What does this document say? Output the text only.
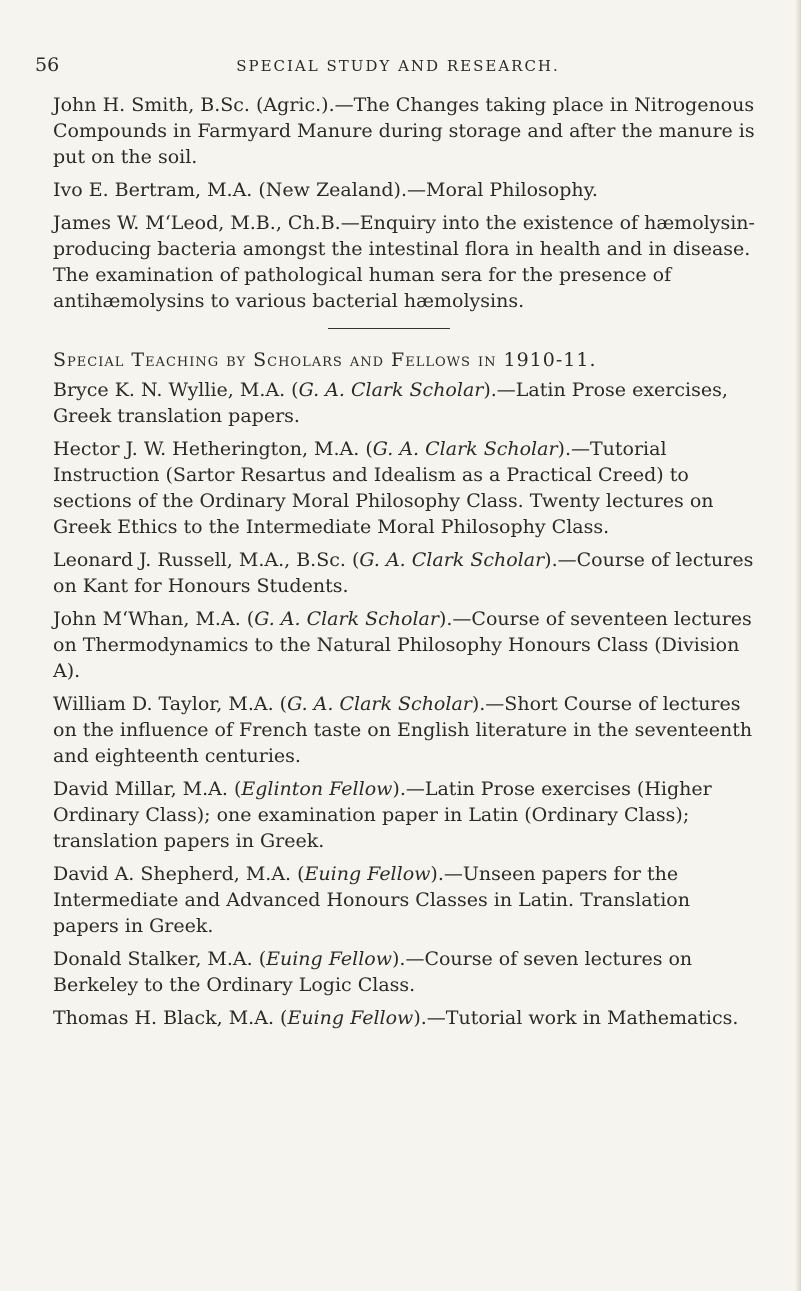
56	SPECIAL STUDY AND RESEARCH.

John H. Smith, B.Sc. (Agric.).—The Changes taking place in Nitrogenous Compounds in Farmyard Manure during storage and after the manure is put on the soil.

Ivo E. Bertram, M.A. (New Zealand).—Moral Philosophy.

James W. M‘Leod, M.B., Ch.B.—Enquiry into the existence of hæmolysin-producing bacteria amongst the intestinal flora in health and in disease. The examination of pathological human sera for the presence of antihæmolysins to various bacterial hæmolysins.

Special Teaching by Scholars and Fellows in 1910-11.

Bryce K. N. Wyllie, M.A. (G. A. Clark Scholar).—Latin Prose exercises, Greek translation papers.

Hector J. W. Hetherington, M.A. (G. A. Clark Scholar).—Tutorial Instruction (Sartor Resartus and Idealism as a Practical Creed) to sections of the Ordinary Moral Philosophy Class. Twenty lectures on Greek Ethics to the Intermediate Moral Philosophy Class.

Leonard J. Russell, M.A., B.Sc. (G. A. Clark Scholar).—Course of lectures on Kant for Honours Students.

John M‘Whan, M.A. (G. A. Clark Scholar).—Course of seventeen lectures on Thermodynamics to the Natural Philosophy Honours Class (Division A).

William D. Taylor, M.A. (G. A. Clark Scholar).—Short Course of lectures on the influence of French taste on English literature in the seventeenth and eighteenth centuries.

David Millar, M.A. (Eglinton Fellow).—Latin Prose exercises (Higher Ordinary Class); one examination paper in Latin (Ordinary Class); translation papers in Greek.

David A. Shepherd, M.A. (Euing Fellow).—Unseen papers for the Intermediate and Advanced Honours Classes in Latin. Translation papers in Greek.

Donald Stalker, M.A. (Euing Fellow).—Course of seven lectures on Berkeley to the Ordinary Logic Class.

Thomas H. Black, M.A. (Euing Fellow).—Tutorial work in Mathematics.
